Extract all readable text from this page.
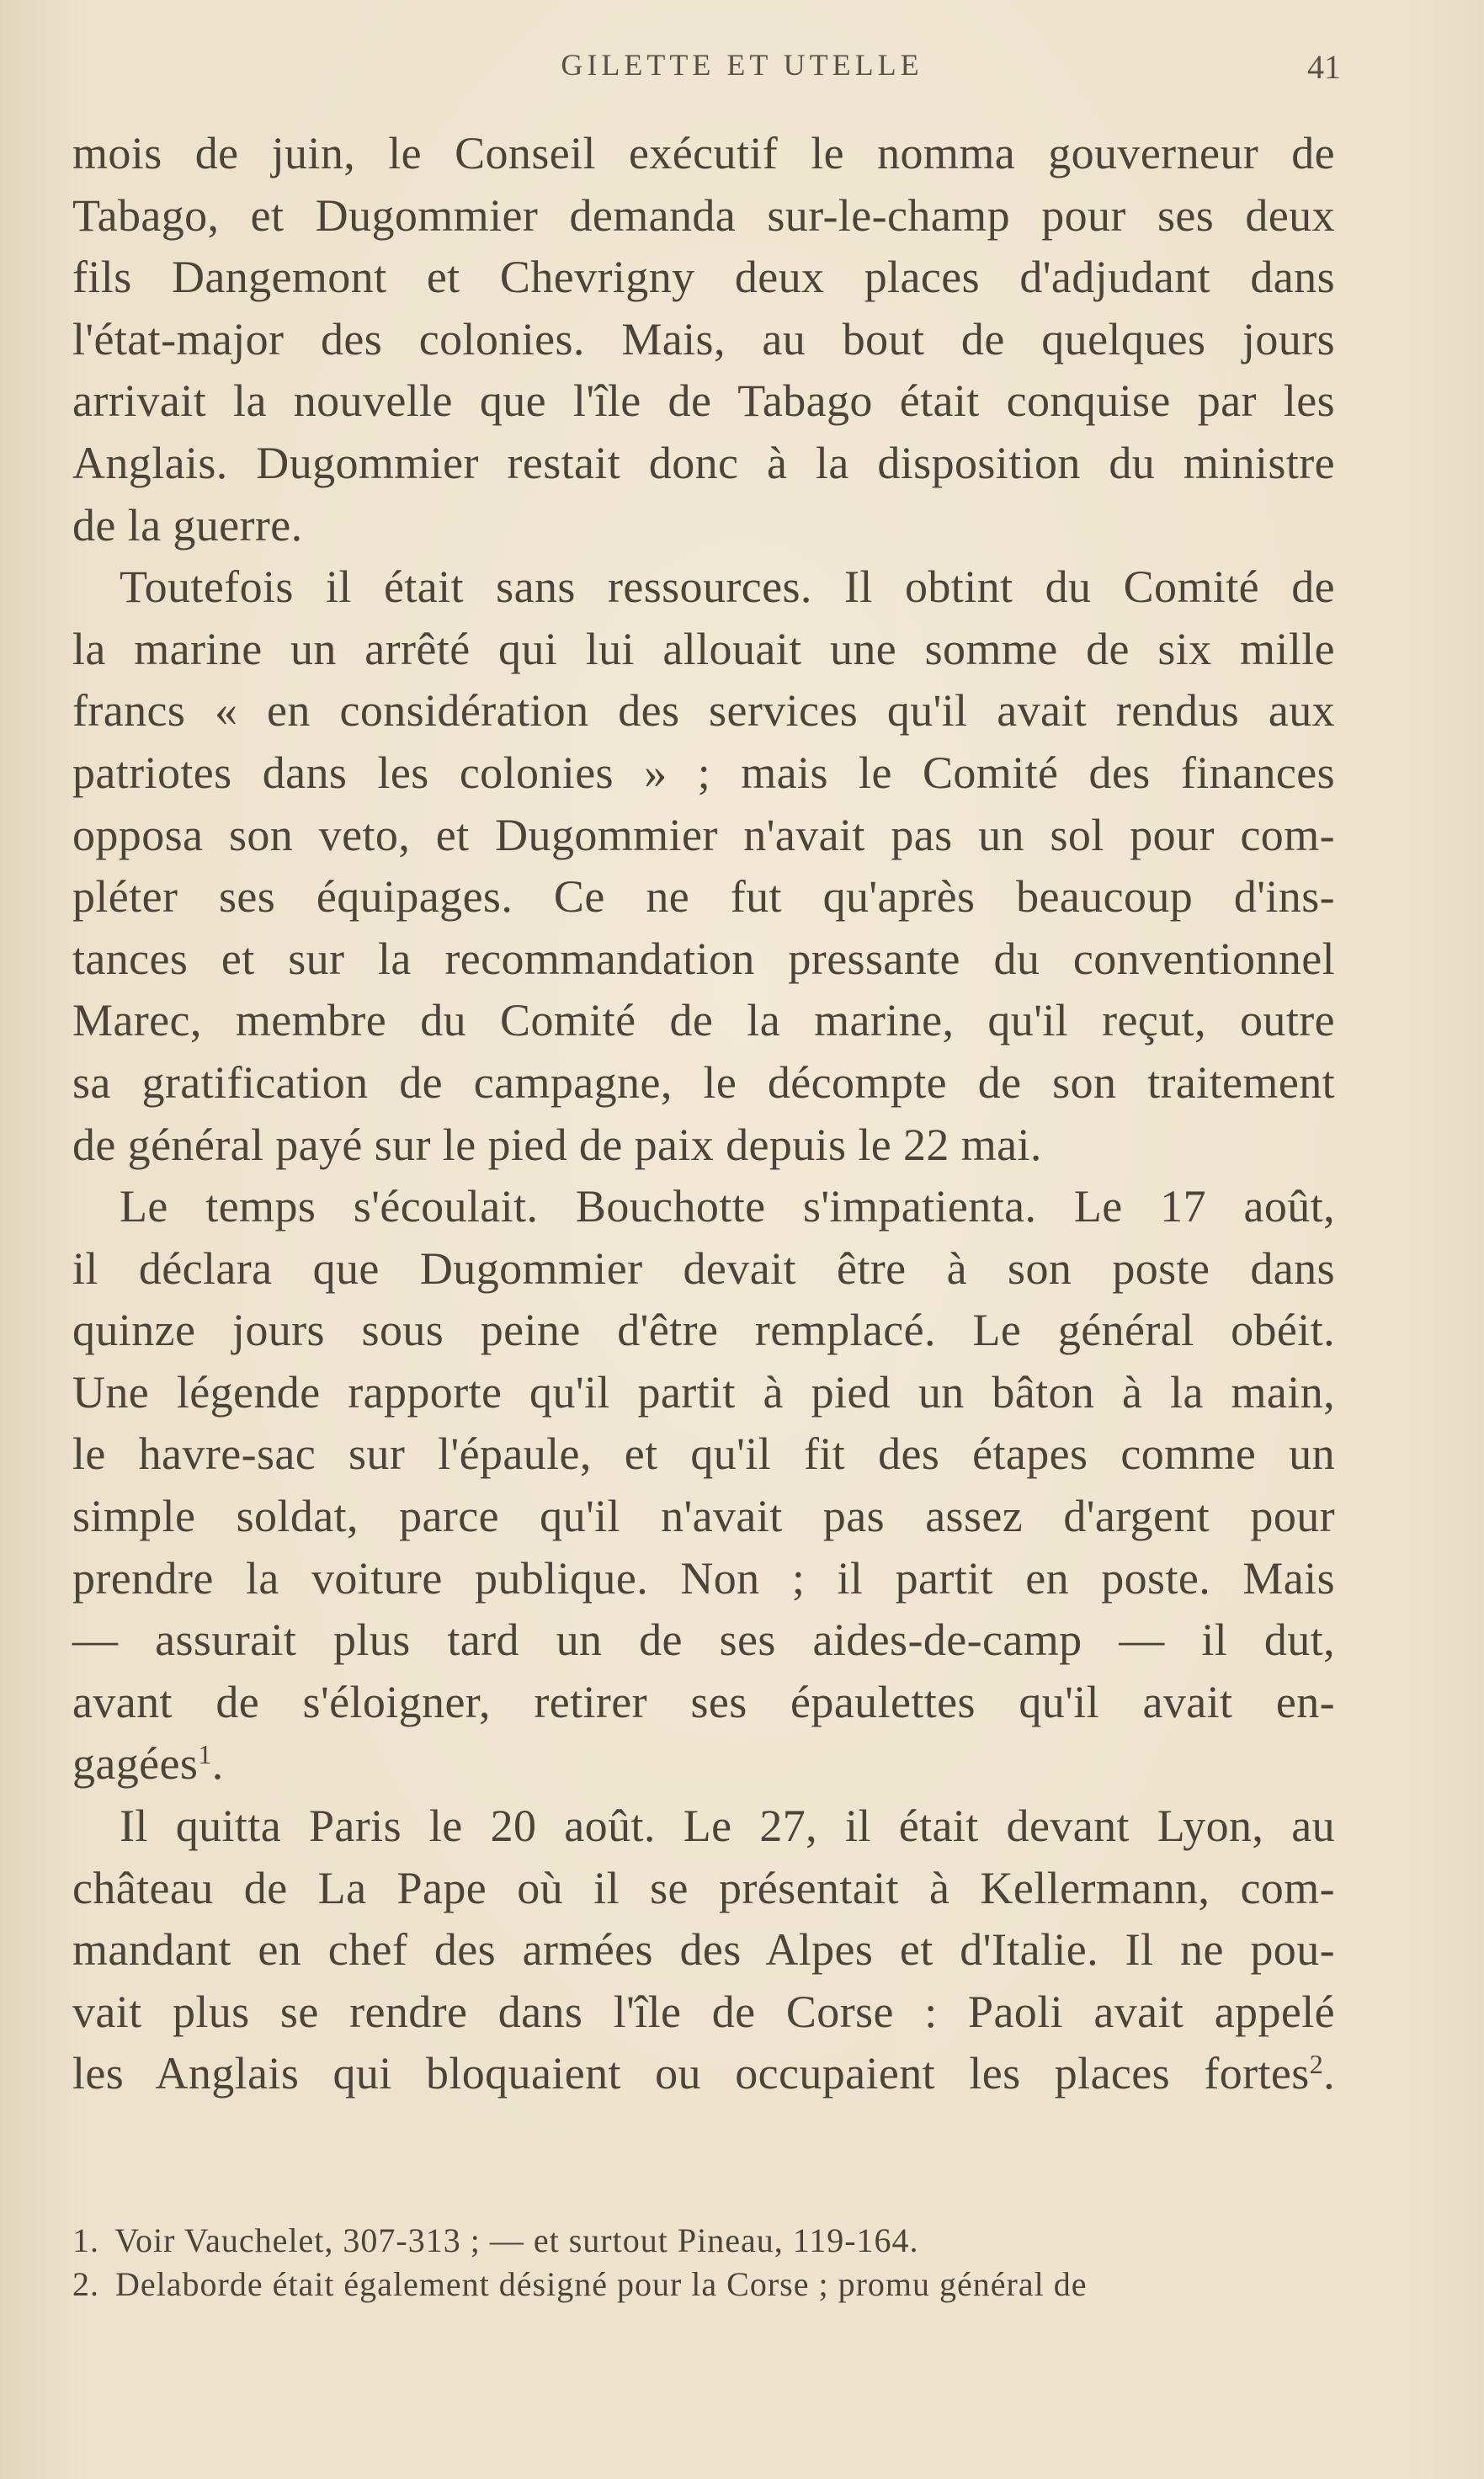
GILETTE ET UTELLE	41
mois de juin, le Conseil exécutif le nomma gouverneur de
Tabago, et Dugommier demanda sur-le-champ pour ses deux
fils Dangemont et Chevrigny deux places d'adjudant dans
l'état-major des colonies. Mais, au bout de quelques jours
arrivait la nouvelle que l'île de Tabago était conquise par les
Anglais. Dugommier restait donc à la disposition du ministre
de la guerre.
Toutefois il était sans ressources. Il obtint du Comité de
la marine un arrêté qui lui allouait une somme de six mille
francs « en considération des services qu'il avait rendus aux
patriotes dans les colonies » ; mais le Comité des finances
opposa son veto, et Dugommier n'avait pas un sol pour com-
pléter ses équipages. Ce ne fut qu'après beaucoup d'ins-
tances et sur la recommandation pressante du conventionnel
Marec, membre du Comité de la marine, qu'il reçut, outre
sa gratification de campagne, le décompte de son traitement
de général payé sur le pied de paix depuis le 22 mai.
Le temps s'écoulait. Bouchotte s'impatienta. Le 17 août,
il déclara que Dugommier devait être à son poste dans
quinze jours sous peine d'être remplacé. Le général obéit.
Une légende rapporte qu'il partit à pied un bâton à la main,
le havre-sac sur l'épaule, et qu'il fit des étapes comme un
simple soldat, parce qu'il n'avait pas assez d'argent pour
prendre la voiture publique. Non ; il partit en poste. Mais
— assurait plus tard un de ses aides-de-camp — il dut,
avant de s'éloigner, retirer ses épaulettes qu'il avait en-
gagées$^1$.
Il quitta Paris le 20 août. Le 27, il était devant Lyon, au
château de La Pape où il se présentait à Kellermann, com-
mandant en chef des armées des Alpes et d'Italie. Il ne pou-
vait plus se rendre dans l'île de Corse : Paoli avait appelé
les Anglais qui bloquaient ou occupaient les places fortes$^2$.
1. Voir Vauchelet, 307-313 ; — et surtout Pineau, 119-164.
2. Delaborde était également désigné pour la Corse ; promu général de
